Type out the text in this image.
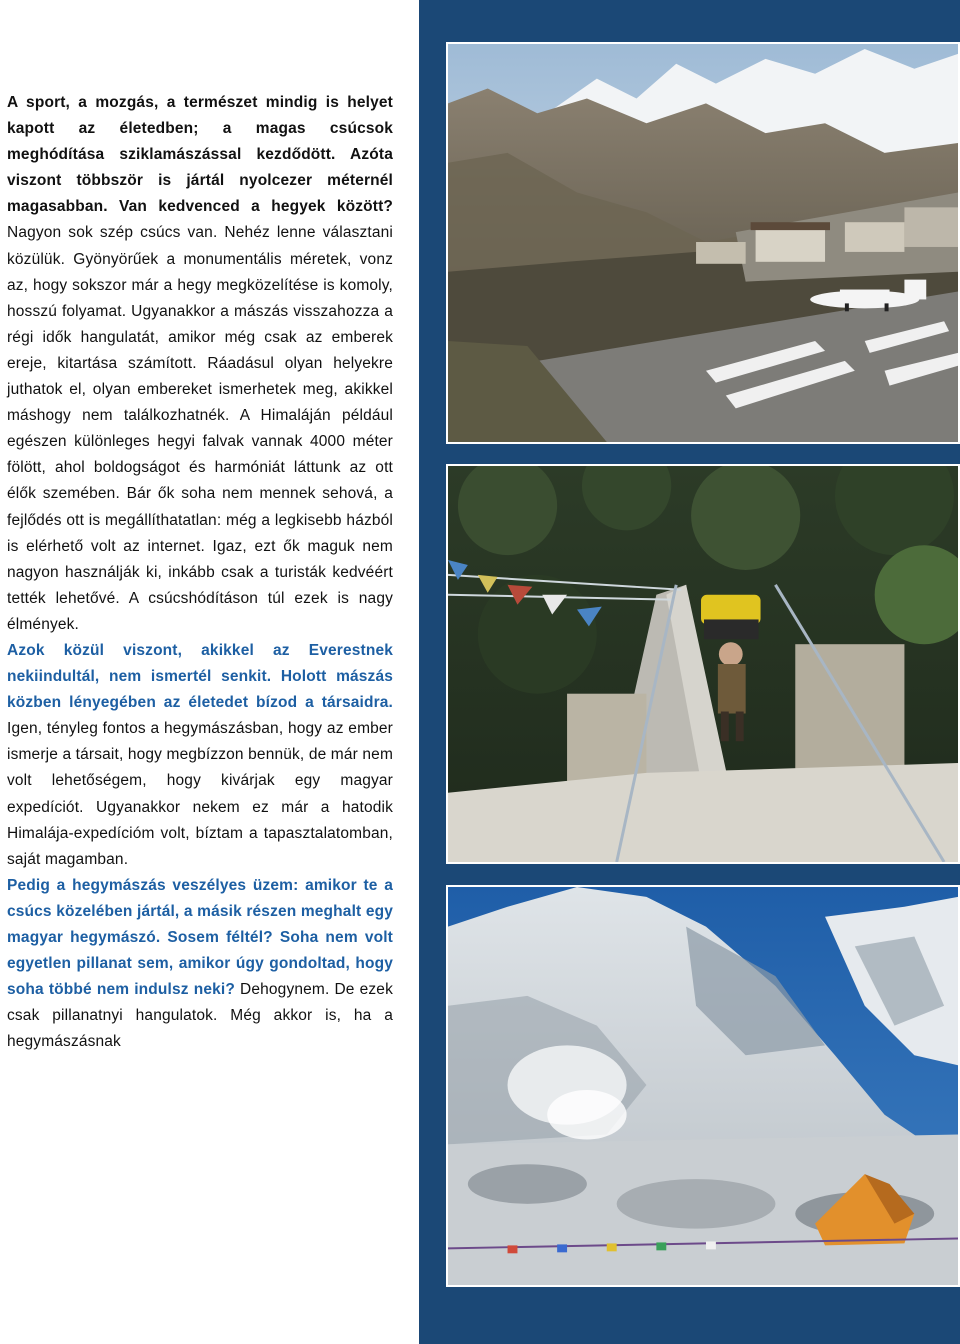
A sport, a mozgás, a természet mindig is helyet kapott az életedben; a magas csúcsok meghódítása sziklamászással kezdődött. Azóta viszont többször is jártál nyolcezer méternél magasabban. Van kedvenced a hegyek között? Nagyon sok szép csúcs van. Nehéz lenne választani közülük. Gyönyörűek a monumentális méretek, vonz az, hogy sokszor már a hegy megközelítése is komoly, hosszú folyamat. Ugyanakkor a mászás visszahozza a régi idők hangulatát, amikor még csak az emberek ereje, kitartása számított. Ráadásul olyan helyekre juthatok el, olyan embereket ismerhetek meg, akikkel máshogy nem találkozhatnék. A Himaláján például egészen különleges hegyi falvak vannak 4000 méter fölött, ahol boldogságot és harmóniát láttunk az ott élők szemében. Bár ők soha nem mennek sehová, a fejlődés ott is megállíthatatlan: még a legkisebb házból is elérhető volt az internet. Igaz, ezt ők maguk nem nagyon használják ki, inkább csak a turisták kedvéért tették lehetővé. A csúcshódításon túl ezek is nagy élmények.

Azok közül viszont, akikkel az Everestnek nekiindultál, nem ismertél senkit. Holott mászás közben lényegében az életedet bízod a társaidra. Igen, tényleg fontos a hegymászásban, hogy az ember ismerje a társait, hogy megbízzon bennük, de már nem volt lehetőségem, hogy kivárjak egy magyar expedíciót. Ugyanakkor nekem ez már a hatodik Himalája-expedícióm volt, bíztam a tapasztalatomban, saját magamban.

Pedig a hegymászás veszélyes üzem: amikor te a csúcs közelében jártál, a másik részen meghalt egy magyar hegymászó. Sosem féltél? Soha nem volt egyetlen pillanat sem, amikor úgy gondoltad, hogy soha többé nem indulsz neki? Dehogynem. De ezek csak pillanatnyi hangulatok. Még akkor is, ha a hegymászásnak
